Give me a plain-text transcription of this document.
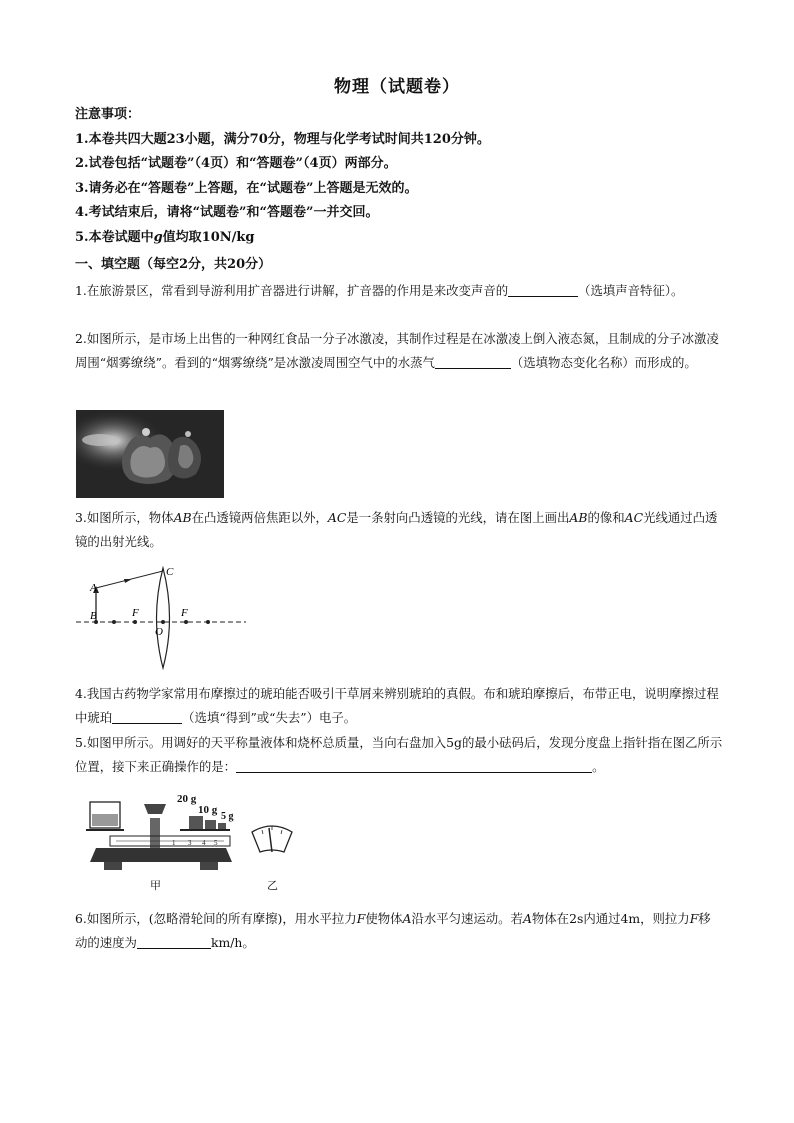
物理（试题卷）
注意事项：
1.本卷共四大题23小题，满分70分，物理与化学考试时间共120分钟。
2.试卷包括“试题卷”（4页）和“答题卷”（4页）两部分。
3.请务必在“答题卷”上答题，在“试题卷”上答题是无效的。
4.考试结束后，请将“试题卷”和“答题卷”一并交回。
5.本卷试题中g值均取10N/kg
一、填空题（每空2分，共20分）
1.在旅游景区，常看到导游利用扩音器进行讲解，扩音器的作用是来改变声音的	（选填声音特征）。
2.如图所示，是市场上出售的一种网红食品一分子冰激凌，其制作过程是在冰激凌上倒入液态氮，且制成的分子冰激凌周围“烟雾缭绕”。看到的“烟雾缭绕”是冰激凌周围空气中的水蒸气	（选填物态变化名称）而形成的。
3.如图所示，物体AB在凸透镜两倍焦距以外，AC是一条射向凸透镜的光线，请在图上画出AB的像和AC光线通过凸透镜的出射光线。
A
B
C
O
F	F
4.我国古药物学家常用布摩擦过的琥珀能否吸引干草屑来辨别琥珀的真假。布和琥珀摩擦后，布带正电，说明摩擦过程中琥珀	（选填“得到”或“失去”）电子。
5.如图甲所示。用调好的天平称量液体和烧杯总质量，当向右盘加入5g的最小砝码后，发现分度盘上指针指在图乙所示位置，接下来正确操作的是：	。
1 3 4 5
20 g
10 g
5 g
甲	乙
6.如图所示，(忽略滑轮间的所有摩擦)，用水平拉力F使物体A沿水平匀速运动。若A物体在2s内通过4m，则拉力F移动的速度为	km/h。
